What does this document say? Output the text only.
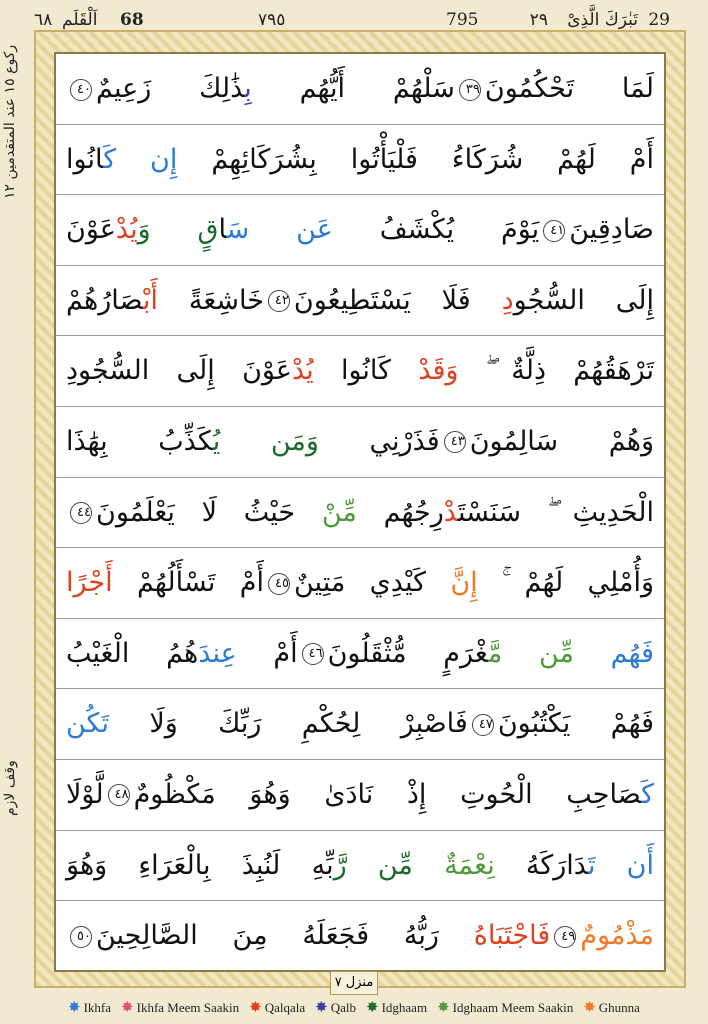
29
تَبٰرَكَ الَّذِىْ
٢٩
795
٧٩٥
68
اَلْقَلَم
٦٨
ركوع ١٥ عند المتقدمين ١٢
وقف لازم
لَمَا تَحْكُمُونَ٣٩سَلْهُمْ أَيُّهُم بِذَٰلِكَ زَعِيمٌ٤٠
أَمْ لَهُمْ شُرَكَاءُ فَلْيَأْتُوا بِشُرَكَائِهِمْ إِن كَانُوا
صَادِقِينَ٤١يَوْمَ يُكْشَفُ عَن سَاقٍ وَيُدْعَوْنَ
إِلَى السُّجُودِ فَلَا يَسْتَطِيعُونَ٤٢خَاشِعَةً أَبْصَارُهُمْ
تَرْهَقُهُمْ ذِلَّةٌ ۖ وَقَدْ كَانُوا يُدْعَوْنَ إِلَى السُّجُودِ
وَهُمْ سَالِمُونَ٤٣فَذَرْنِي وَمَن يُكَذِّبُ بِهَٰذَا
الْحَدِيثِ ۖ سَنَسْتَدْرِجُهُم مِّنْ حَيْثُ لَا يَعْلَمُونَ٤٤
وَأُمْلِي لَهُمْ ۚ إِنَّ كَيْدِي مَتِينٌ٤٥أَمْ تَسْأَلُهُمْ أَجْرًا
فَهُم مِّن مَّغْرَمٍ مُّثْقَلُونَ٤٦أَمْ عِندَهُمُ الْغَيْبُ
فَهُمْ يَكْتُبُونَ٤٧فَاصْبِرْ لِحُكْمِ رَبِّكَ وَلَا تَكُن
كَصَاحِبِ الْحُوتِ إِذْ نَادَىٰ وَهُوَ مَكْظُومٌ٤٨لَّوْلَا
أَن تَدَارَكَهُ نِعْمَةٌ مِّن رَّبِّهِ لَنُبِذَ بِالْعَرَاءِ وَهُوَ
مَذْمُومٌ٤٩فَاجْتَبَاهُ رَبُّهُ فَجَعَلَهُ مِنَ الصَّالِحِينَ٥٠
منزل ٧
✸ Ikhfa ✸ Ikhfa Meem Saakin ✸ Qalqala ✸ Qalb ✸ Idghaam ✸ Idghaam Meem Saakin ✸ Ghunna
